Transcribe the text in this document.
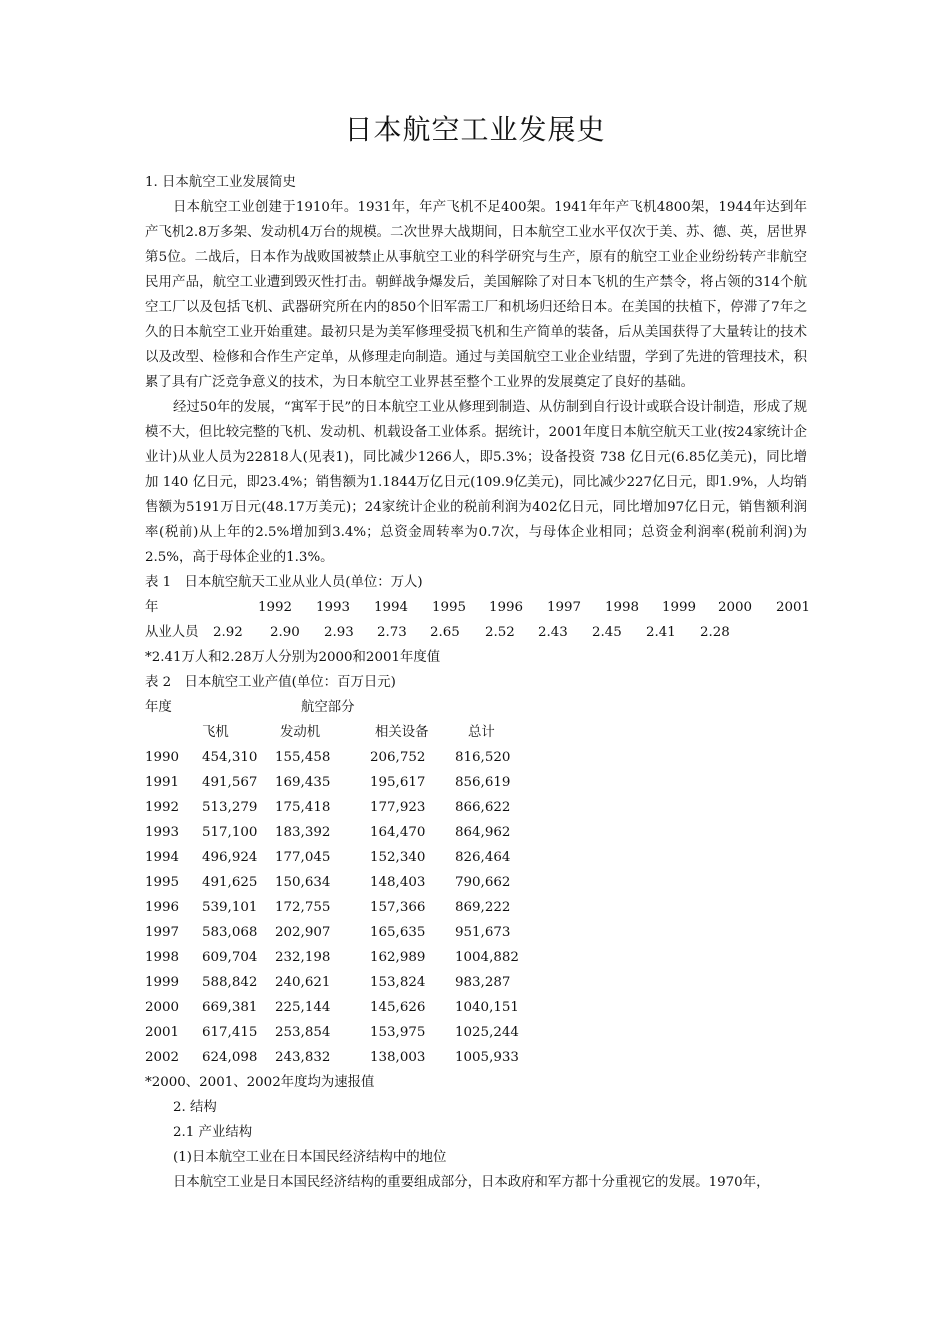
日本航空工业发展史

1. 日本航空工业发展简史

日本航空工业创建于1910年。1931年，年产飞机不足400架。1941年年产飞机4800架，1944年达到年产飞机2.8万多架、发动机4万台的规模。二次世界大战期间，日本航空工业水平仅次于美、苏、德、英，居世界第5位。二战后，日本作为战败国被禁止从事航空工业的科学研究与生产，原有的航空工业企业纷纷转产非航空民用产品，航空工业遭到毁灭性打击。朝鲜战争爆发后，美国解除了对日本飞机的生产禁令，将占领的314个航空工厂以及包括飞机、武器研究所在内的850个旧军需工厂和机场归还给日本。在美国的扶植下，停滞了7年之久的日本航空工业开始重建。最初只是为美军修理受损飞机和生产简单的装备，后从美国获得了大量转让的技术以及改型、检修和合作生产定单，从修理走向制造。通过与美国航空工业企业结盟，学到了先进的管理技术，积累了具有广泛竞争意义的技术，为日本航空工业界甚至整个工业界的发展奠定了良好的基础。

经过50年的发展，“寓军于民”的日本航空工业从修理到制造、从仿制到自行设计或联合设计制造，形成了规模不大，但比较完整的飞机、发动机、机载设备工业体系。据统计，2001年度日本航空航天工业(按24家统计企业计)从业人员为22818人(见表1)，同比减少1266人，即5.3%；设备投资 738 亿日元(6.85亿美元)，同比增加 140 亿日元，即23.4%；销售额为1.1844万亿日元(109.9亿美元)，同比减少227亿日元，即1.9%，人均销售额为5191万日元(48.17万美元)；24家统计企业的税前利润为402亿日元，同比增加97亿日元，销售额利润率(税前)从上年的2.5%增加到3.4%；总资金周转率为0.7次，与母体企业相同；总资金利润率(税前利润)为2.5%，高于母体企业的1.3%。

表 1　日本航空航天工业从业人员(单位：万人)

年	1992 1993 1994 1995 1996 1997 1998 1999 2000 2001
从业人员 2.92 2.90 2.93 2.73 2.65 2.52 2.43 2.45 2.41 2.28

*2.41万人和2.28万人分别为2000和2001年度值

表 2　日本航空工业产值(单位：百万日元)

年度	航空部分
飞机	发动机	相关设备	总计
1990 454,310 155,458	206,752 816,520
1991 491,567 169,435	195,617 856,619
1992 513,279 175,418	177,923 866,622
1993 517,100 183,392	164,470 864,962
1994 496,924 177,045	152,340 826,464
1995 491,625 150,634	148,403 790,662
1996 539,101 172,755	157,366 869,222
1997 583,068 202,907	165,635 951,673
1998 609,704 232,198	162,989 1004,882
1999 588,842 240,621	153,824 983,287
2000 669,381 225,144	145,626 1040,151
2001 617,415 253,854	153,975 1025,244
2002 624,098 243,832	138,003 1005,933

*2000、2001、2002年度均为速报值

2. 结构

2.1 产业结构

(1)日本航空工业在日本国民经济结构中的地位

日本航空工业是日本国民经济结构的重要组成部分，日本政府和军方都十分重视它的发展。1970年，
